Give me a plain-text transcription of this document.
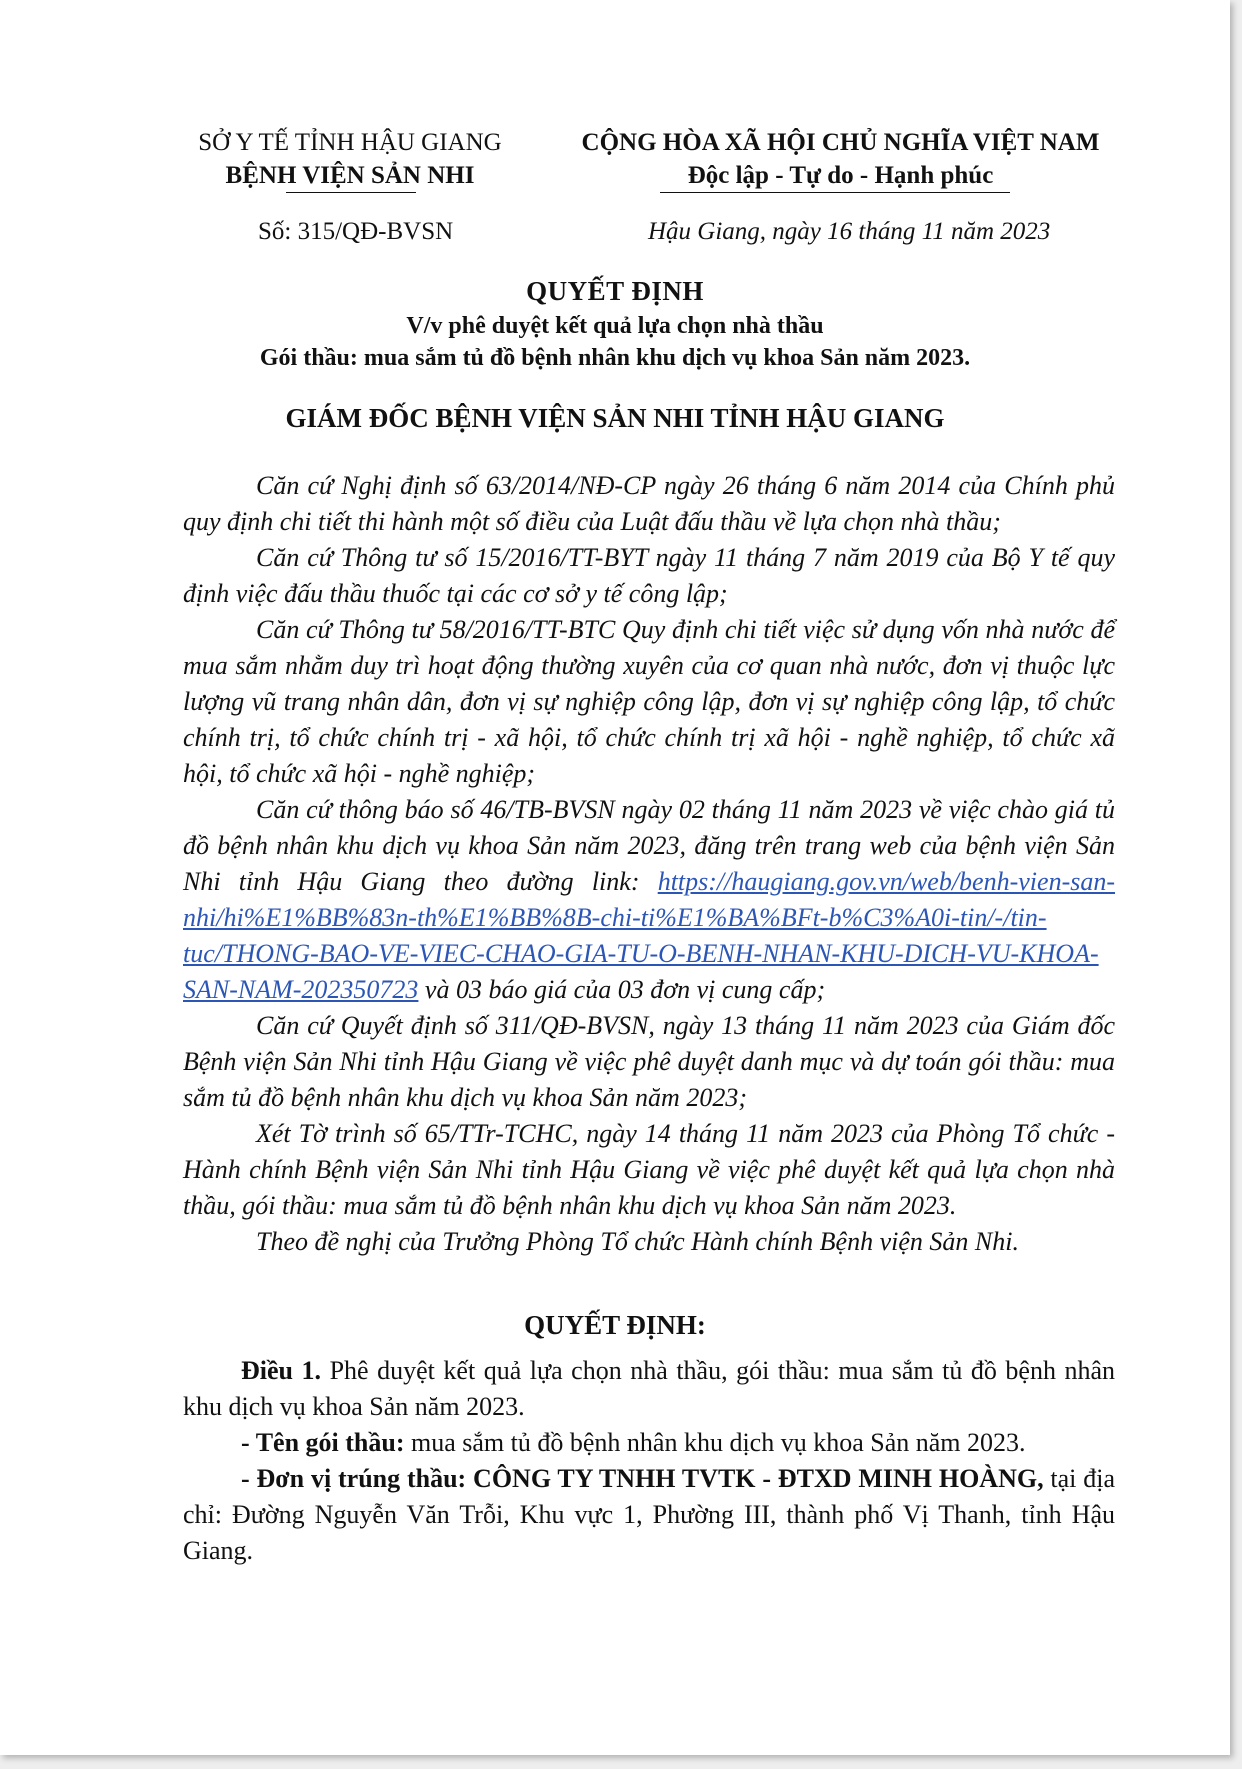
SỞ Y TẾ TỈNH HẬU GIANG
BỆNH VIỆN SẢN NHI
CỘNG HÒA XÃ HỘI CHỦ NGHĨA VIỆT NAM
Độc lập - Tự do - Hạnh phúc
Số: 315/QĐ-BVSN	Hậu Giang, ngày 16 tháng 11 năm 2023
QUYẾT ĐỊNH
V/v phê duyệt kết quả lựa chọn nhà thầu
Gói thầu: mua sắm tủ đồ bệnh nhân khu dịch vụ khoa Sản năm 2023.
GIÁM ĐỐC BỆNH VIỆN SẢN NHI TỈNH HẬU GIANG

Căn cứ Nghị định số 63/2014/NĐ-CP ngày 26 tháng 6 năm 2014 của Chính phủ quy định chi tiết thi hành một số điều của Luật đấu thầu về lựa chọn nhà thầu;

Căn cứ Thông tư số 15/2016/TT-BYT ngày 11 tháng 7 năm 2019 của Bộ Y tế quy định việc đấu thầu thuốc tại các cơ sở y tế công lập;

Căn cứ Thông tư 58/2016/TT-BTC Quy định chi tiết việc sử dụng vốn nhà nước để mua sắm nhằm duy trì hoạt động thường xuyên của cơ quan nhà nước, đơn vị thuộc lực lượng vũ trang nhân dân, đơn vị sự nghiệp công lập, đơn vị sự nghiệp công lập, tổ chức chính trị, tổ chức chính trị - xã hội, tổ chức chính trị xã hội - nghề nghiệp, tổ chức xã hội, tổ chức xã hội - nghề nghiệp;

Căn cứ thông báo số 46/TB-BVSN ngày 02 tháng 11 năm 2023 về việc chào giá tủ đồ bệnh nhân khu dịch vụ khoa Sản năm 2023, đăng trên trang web của bệnh viện Sản Nhi tỉnh Hậu Giang theo đường link: https://haugiang.gov.vn/web/benh-vien-san-nhi/hi%E1%BB%83n-th%E1%BB%8B-chi-ti%E1%BA%BFt-b%C3%A0i-tin/-/tin-tuc/THONG-BAO-VE-VIEC-CHAO-GIA-TU-O-BENH-NHAN-KHU-DICH-VU-KHOA-SAN-NAM-202350723 và 03 báo giá của 03 đơn vị cung cấp;

Căn cứ Quyết định số 311/QĐ-BVSN, ngày 13 tháng 11 năm 2023 của Giám đốc Bệnh viện Sản Nhi tỉnh Hậu Giang về việc phê duyệt danh mục và dự toán gói thầu: mua sắm tủ đồ bệnh nhân khu dịch vụ khoa Sản năm 2023;

Xét Tờ trình số 65/TTr-TCHC, ngày 14 tháng 11 năm 2023 của Phòng Tổ chức - Hành chính Bệnh viện Sản Nhi tỉnh Hậu Giang về việc phê duyệt kết quả lựa chọn nhà thầu, gói thầu: mua sắm tủ đồ bệnh nhân khu dịch vụ khoa Sản năm 2023.

Theo đề nghị của Trưởng Phòng Tổ chức Hành chính Bệnh viện Sản Nhi.

QUYẾT ĐỊNH:

Điều 1. Phê duyệt kết quả lựa chọn nhà thầu, gói thầu: mua sắm tủ đồ bệnh nhân khu dịch vụ khoa Sản năm 2023.

- Tên gói thầu: mua sắm tủ đồ bệnh nhân khu dịch vụ khoa Sản năm 2023.

- Đơn vị trúng thầu: CÔNG TY TNHH TVTK - ĐTXD MINH HOÀNG, tại địa chỉ: Đường Nguyễn Văn Trỗi, Khu vực 1, Phường III, thành phố Vị Thanh, tỉnh Hậu Giang.
